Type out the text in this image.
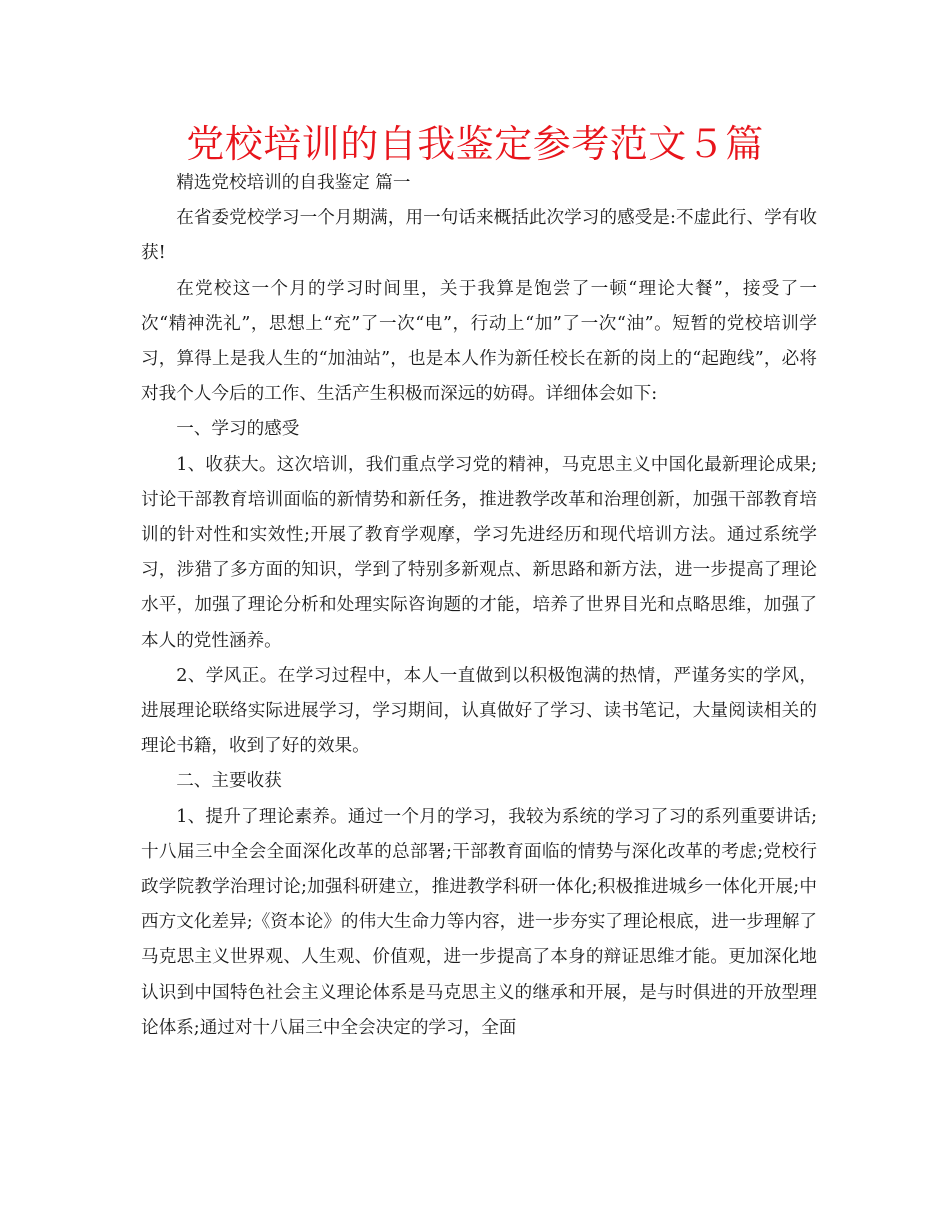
党校培训的自我鉴定参考范文５篇

精选党校培训的自我鉴定 篇一

在省委党校学习一个月期满，用一句话来概括此次学习的感受是:不虚此行、学有收获!

在党校这一个月的学习时间里，关于我算是饱尝了一顿“理论大餐”，接受了一次“精神洗礼”，思想上“充”了一次“电”，行动上“加”了一次“油”。短暂的党校培训学习，算得上是我人生的“加油站”，也是本人作为新任校长在新的岗上的“起跑线”，必将对我个人今后的工作、生活产生积极而深远的妨碍。详细体会如下:

一、学习的感受

1、收获大。这次培训，我们重点学习党的精神，马克思主义中国化最新理论成果;讨论干部教育培训面临的新情势和新任务，推进教学改革和治理创新，加强干部教育培训的针对性和实效性;开展了教育学观摩，学习先进经历和现代培训方法。通过系统学习，涉猎了多方面的知识，学到了特别多新观点、新思路和新方法，进一步提高了理论水平，加强了理论分析和处理实际咨询题的才能，培养了世界目光和点略思维，加强了本人的党性涵养。

2、学风正。在学习过程中，本人一直做到以积极饱满的热情，严谨务实的学风，进展理论联络实际进展学习，学习期间，认真做好了学习、读书笔记，大量阅读相关的理论书籍，收到了好的效果。

二、主要收获

1、提升了理论素养。通过一个月的学习，我较为系统的学习了习的系列重要讲话;十八届三中全会全面深化改革的总部署;干部教育面临的情势与深化改革的考虑;党校行政学院教学治理讨论;加强科研建立，推进教学科研一体化;积极推进城乡一体化开展;中西方文化差异;《资本论》的伟大生命力等内容，进一步夯实了理论根底，进一步理解了马克思主义世界观、人生观、价值观，进一步提高了本身的辩证思维才能。更加深化地认识到中国特色社会主义理论体系是马克思主义的继承和开展，是与时俱进的开放型理论体系;通过对十八届三中全会决定的学习，全面
